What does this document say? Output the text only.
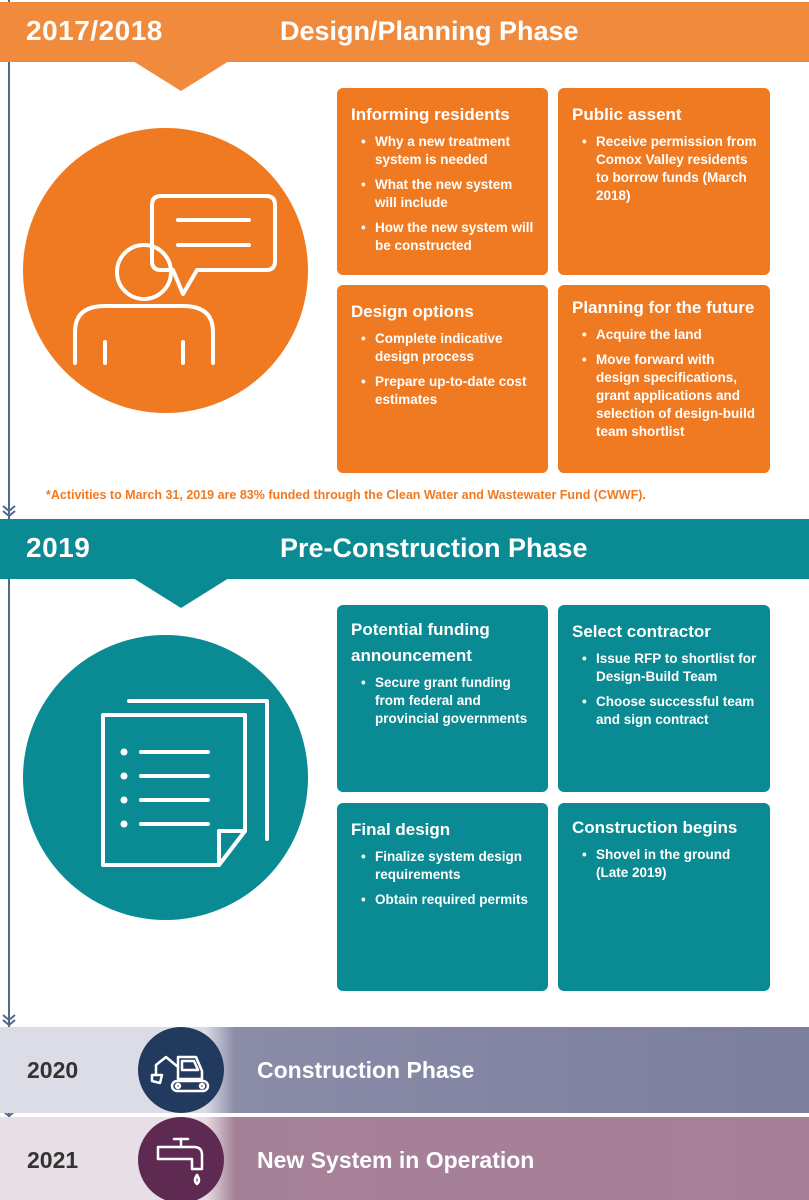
2017/2018	Design/Planning Phase
Informing residents
• Why a new treatment system is needed
• What the new system will include
• How the new system will be constructed
Public assent
• Receive permission from Comox Valley residents to borrow funds (March 2018)
Design options
• Complete indicative design process
• Prepare up-to-date cost estimates
Planning for the future
• Acquire the land
• Move forward with design specifications, grant applications and selection of design-build team shortlist
*Activities to March 31, 2019 are 83% funded through the Clean Water and Wastewater Fund (CWWF).
2019	Pre-Construction Phase
Potential funding announcement
• Secure grant funding from federal and provincial governments
Select contractor
• Issue RFP to shortlist for Design-Build Team
• Choose successful team and sign contract
Final design
• Finalize system design requirements
• Obtain required permits
Construction begins
• Shovel in the ground (Late 2019)
2020	Construction Phase
2021	New System in Operation
